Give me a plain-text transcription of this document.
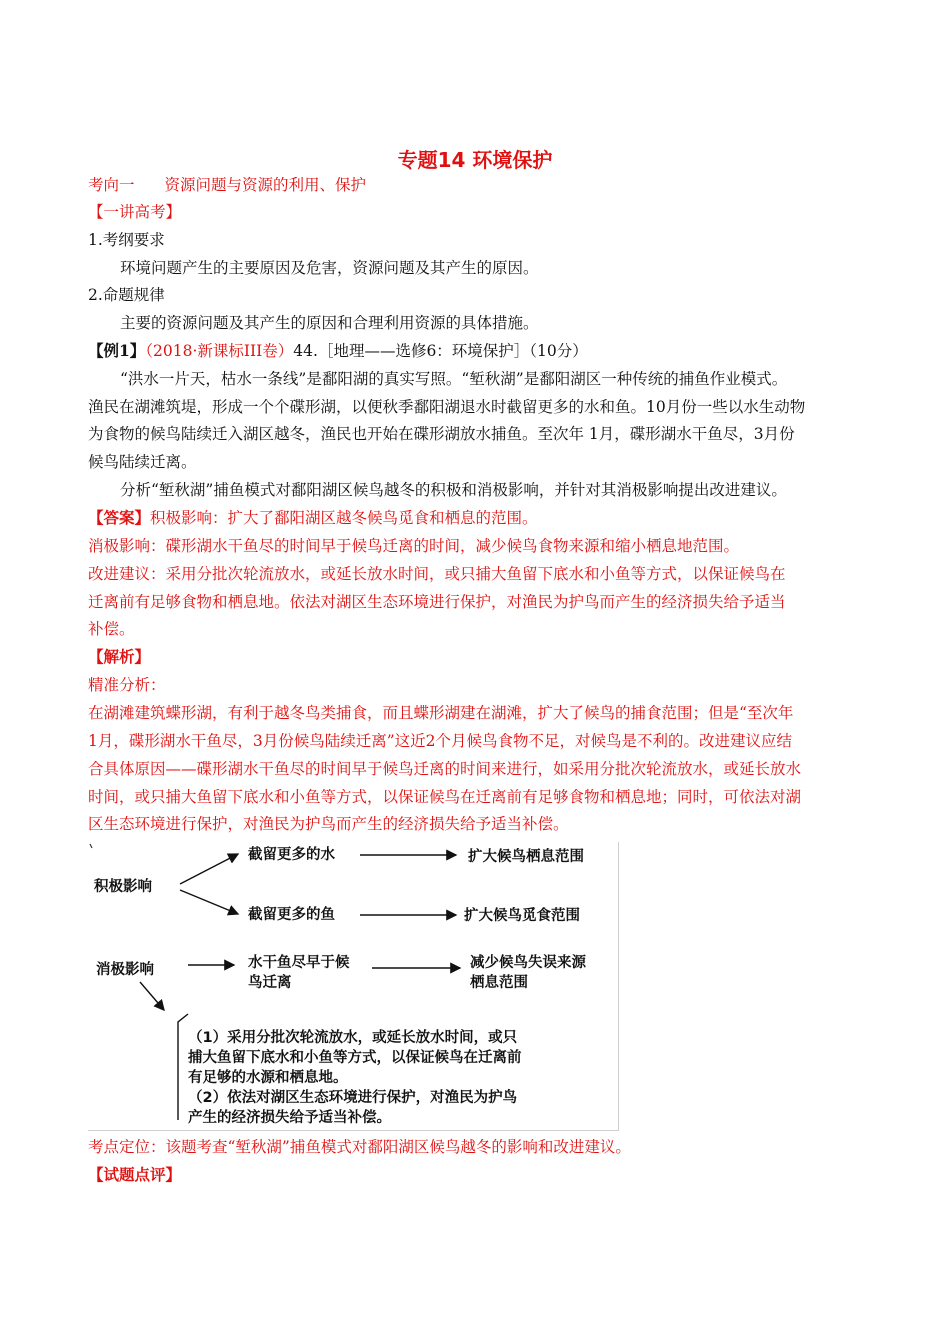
专题14 环境保护
考向一 资源问题与资源的利用、保护
【一讲高考】
1.考纲要求
环境问题产生的主要原因及危害，资源问题及其产生的原因。
2.命题规律
主要的资源问题及其产生的原因和合理利用资源的具体措施。
【例1】（2018·新课标III卷）44.［地理——选修6：环境保护］（10分）
“洪水一片天，枯水一条线”是鄱阳湖的真实写照。“堑秋湖”是鄱阳湖区一种传统的捕鱼作业模式。
渔民在湖滩筑堤，形成一个个碟形湖，以便秋季鄱阳湖退水时截留更多的水和鱼。10月份一些以水生动物
为食物的候鸟陆续迁入湖区越冬，渔民也开始在碟形湖放水捕鱼。至次年 1月，碟形湖水干鱼尽，3月份
候鸟陆续迁离。
分析“堑秋湖”捕鱼模式对鄱阳湖区候鸟越冬的积极和消极影响，并针对其消极影响提出改进建议。
【答案】积极影响：扩大了鄱阳湖区越冬候鸟觅食和栖息的范围。
消极影响：碟形湖水干鱼尽的时间早于候鸟迁离的时间，减少候鸟食物来源和缩小栖息地范围。
改进建议：采用分批次轮流放水，或延长放水时间，或只捕大鱼留下底水和小鱼等方式，以保证候鸟在
迁离前有足够食物和栖息地。依法对湖区生态环境进行保护，对渔民为护鸟而产生的经济损失给予适当
补偿。
【解析】
精准分析：
在湖滩建筑蝶形湖，有利于越冬鸟类捕食，而且蝶形湖建在湖滩，扩大了候鸟的捕食范围；但是“至次年
1月，碟形湖水干鱼尽，3月份候鸟陆续迁离”这近2个月候鸟食物不足，对候鸟是不利的。改进建议应结
合具体原因——碟形湖水干鱼尽的时间早于候鸟迁离的时间来进行，如采用分批次轮流放水，或延长放水
时间，或只捕大鱼留下底水和小鱼等方式，以保证候鸟在迁离前有足够食物和栖息地；同时，可依法对湖
区生态环境进行保护，对渔民为护鸟而产生的经济损失给予适当补偿。
积极影响
截留更多的水	扩大候鸟栖息范围
截留更多的鱼	扩大候鸟觅食范围
消极影响	水干鱼尽早于候
鸟迁离
减少候鸟失误来源
栖息范围
（1）采用分批次轮流放水，或延长放水时间，或只
捕大鱼留下底水和小鱼等方式，以保证候鸟在迁离前
有足够的水源和栖息地。
（2）依法对湖区生态环境进行保护，对渔民为护鸟
产生的经济损失给予适当补偿。
考点定位：该题考查“堑秋湖”捕鱼模式对鄱阳湖区候鸟越冬的影响和改进建议。
【试题点评】
